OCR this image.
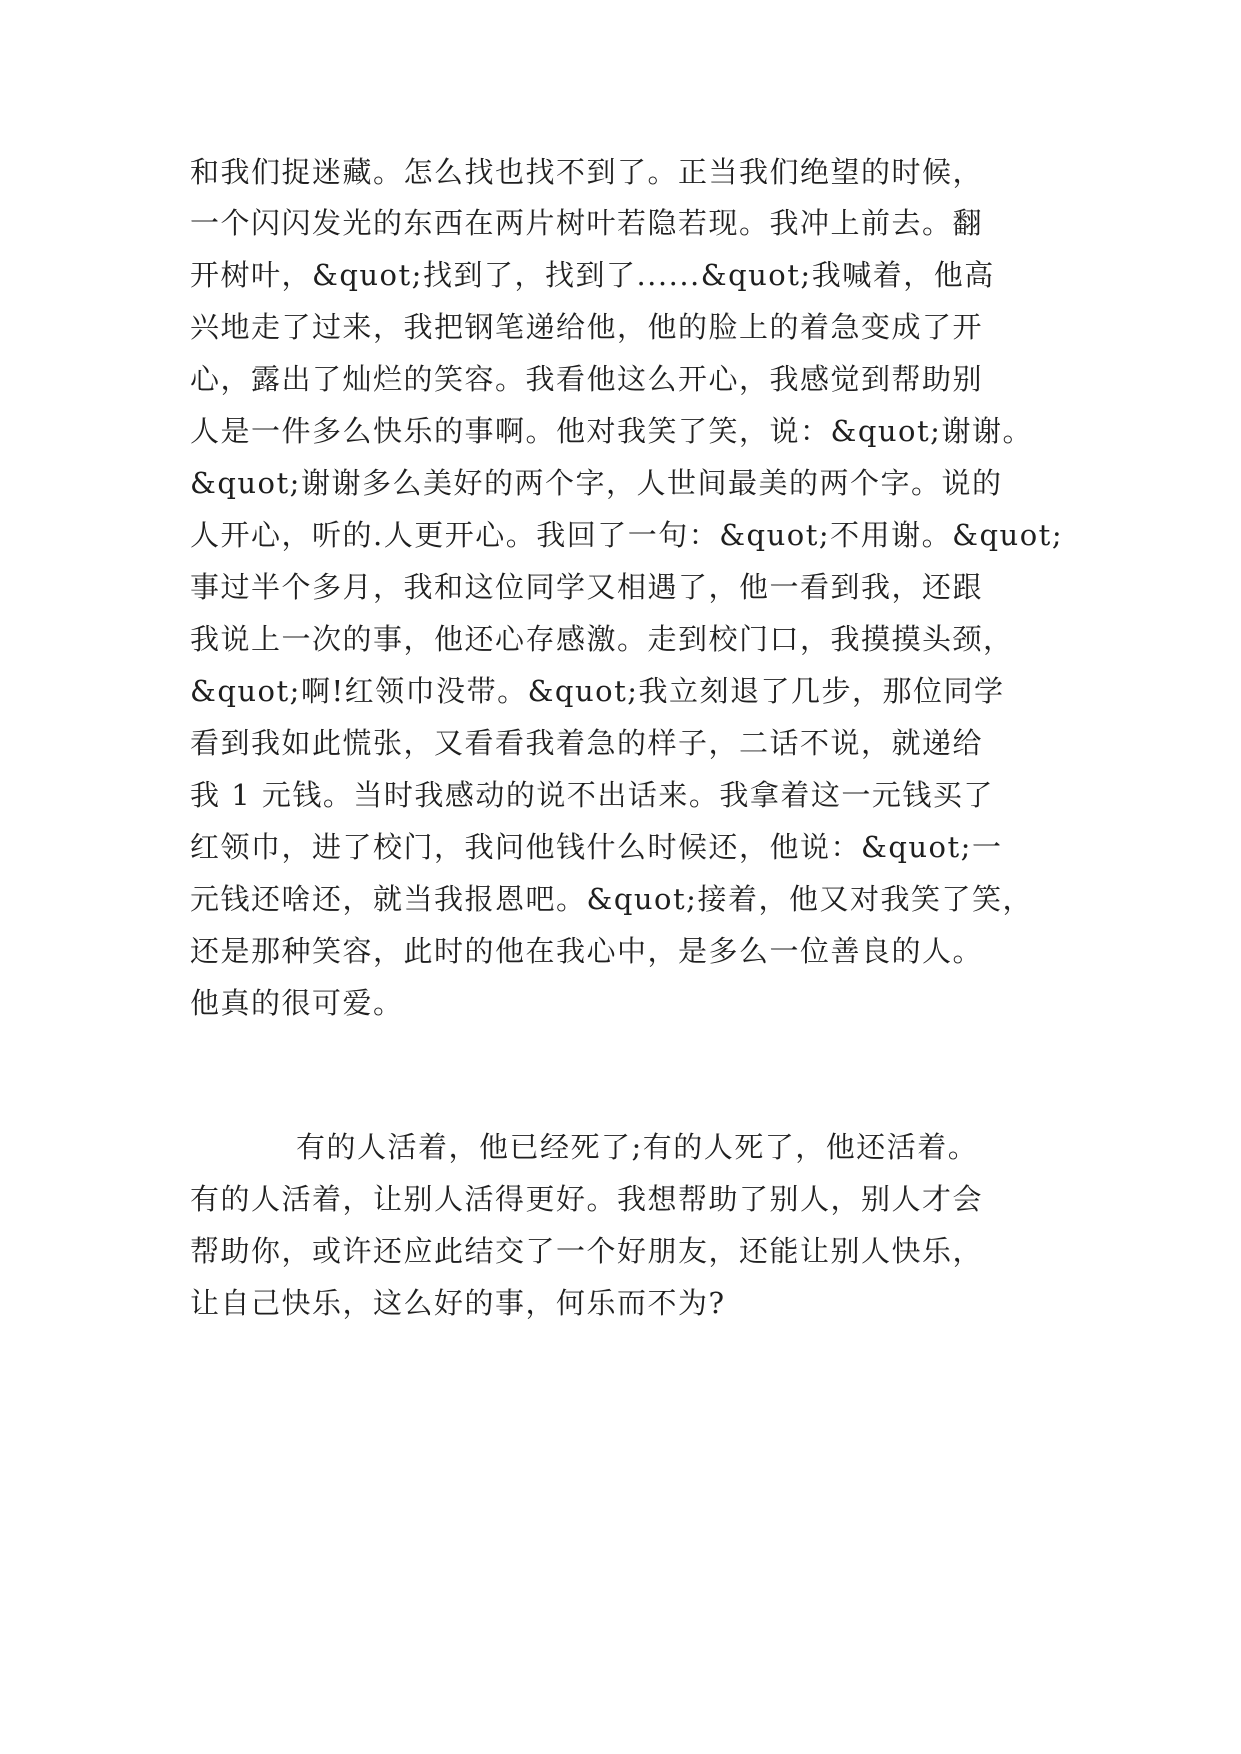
和我们捉迷藏。怎么找也找不到了。正当我们绝望的时候，

一个闪闪发光的东西在两片树叶若隐若现。我冲上前去。翻

开树叶，&quot;找到了，找到了......&quot;我喊着，他高

兴地走了过来，我把钢笔递给他，他的脸上的着急变成了开

心，露出了灿烂的笑容。我看他这么开心，我感觉到帮助别

人是一件多么快乐的事啊。他对我笑了笑，说：&quot;谢谢。

&quot;谢谢多么美好的两个字，人世间最美的两个字。说的

人开心，听的.人更开心。我回了一句：&quot;不用谢。&quot;

事过半个多月，我和这位同学又相遇了，他一看到我，还跟

我说上一次的事，他还心存感激。走到校门口，我摸摸头颈，

&quot;啊!红领巾没带。&quot;我立刻退了几步，那位同学

看到我如此慌张，又看看我着急的样子，二话不说，就递给

我 1 元钱。当时我感动的说不出话来。我拿着这一元钱买了

红领巾，进了校门，我问他钱什么时候还，他说：&quot;一

元钱还啥还，就当我报恩吧。&quot;接着，他又对我笑了笑，

还是那种笑容，此时的他在我心中，是多么一位善良的人。

他真的很可爱。

有的人活着，他已经死了;有的人死了，他还活着。

有的人活着，让别人活得更好。我想帮助了别人，别人才会

帮助你，或许还应此结交了一个好朋友，还能让别人快乐，

让自己快乐，这么好的事，何乐而不为?
